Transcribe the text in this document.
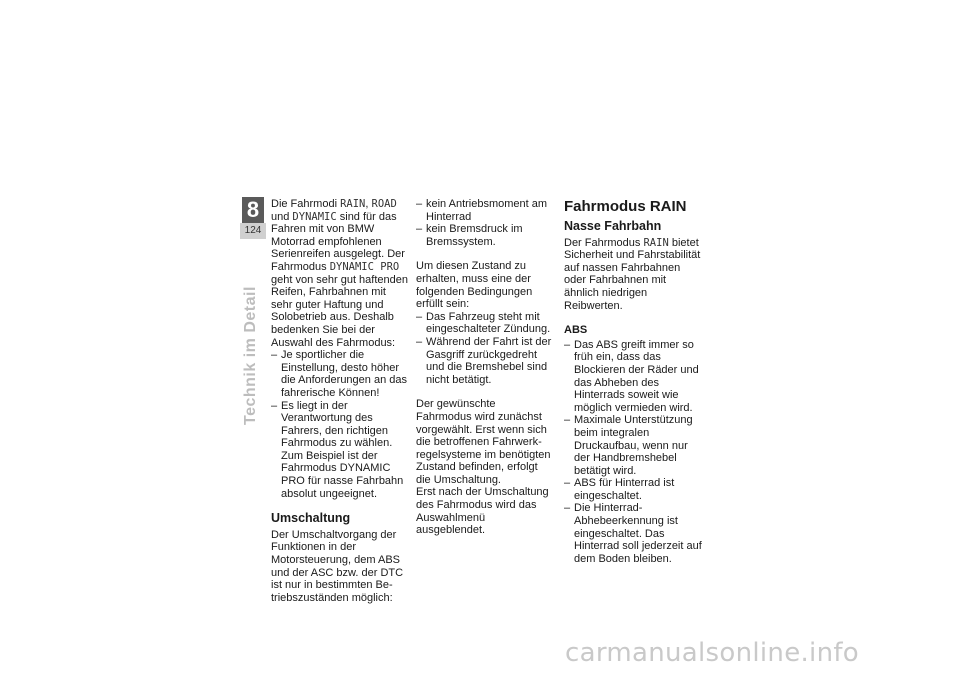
8
124
Technik im Detail

Die Fahrmodi RAIN, ROAD und DYNAMIC sind für das Fahren mit von BMW Motorrad empfohlenen Serienreifen ausgelegt. Der Fahrmodus DYNAMIC PRO geht von sehr gut haftenden Reifen, Fahrbahnen mit sehr guter Haftung und Solobetrieb aus. Deshalb bedenken Sie bei der Auswahl des Fahrmodus:

– Je sportlicher die Einstellung, desto höher die Anforderungen an das fahrerische Können!
– Es liegt in der Verantwortung des Fahrers, den richtigen Fahrmodus zu wählen. Zum Beispiel ist der Fahrmodus DYNAMIC PRO für nasse Fahrbahn absolut ungeeignet.
Umschaltung

Der Umschaltvorgang der Funktionen in der Motorsteuerung, dem ABS und der ASC bzw. der DTC ist nur in bestimmten Betriebszuständen möglich:

– kein Antriebsmoment am Hinterrad
– kein Bremsdruck im Bremssystem.

Um diesen Zustand zu erhalten, muss eine der folgenden Bedingungen erfüllt sein:

– Das Fahrzeug steht mit eingeschalteter Zündung.
– Während der Fahrt ist der Gasgriff zurückgedreht und die Bremshebel sind nicht betätigt.

Der gewünschte Fahrmodus wird zunächst vorgewählt. Erst wenn sich die betroffenen Fahrwerkregelsysteme im benötigten Zustand befinden, erfolgt die Umschaltung.

Erst nach der Umschaltung des Fahrmodus wird das Auswahlmenü ausgeblendet.

Fahrmodus RAIN
Nasse Fahrbahn

Der Fahrmodus RAIN bietet Sicherheit und Fahrstabilität auf nassen Fahrbahnen oder Fahrbahnen mit ähnlich niedrigen Reibwerten.

ABS
– Das ABS greift immer so früh ein, dass das Blockieren der Räder und das Abheben des Hinterrads soweit wie möglich vermieden wird.
– Maximale Unterstützung beim integralen Druckaufbau, wenn nur der Handbremshebel betätigt wird.
– ABS für Hinterrad ist eingeschaltet.
– Die Hinterrad-Abhebeerkennung ist eingeschaltet. Das Hinterrad soll jederzeit auf dem Boden bleiben.
carmanualsonline.info
